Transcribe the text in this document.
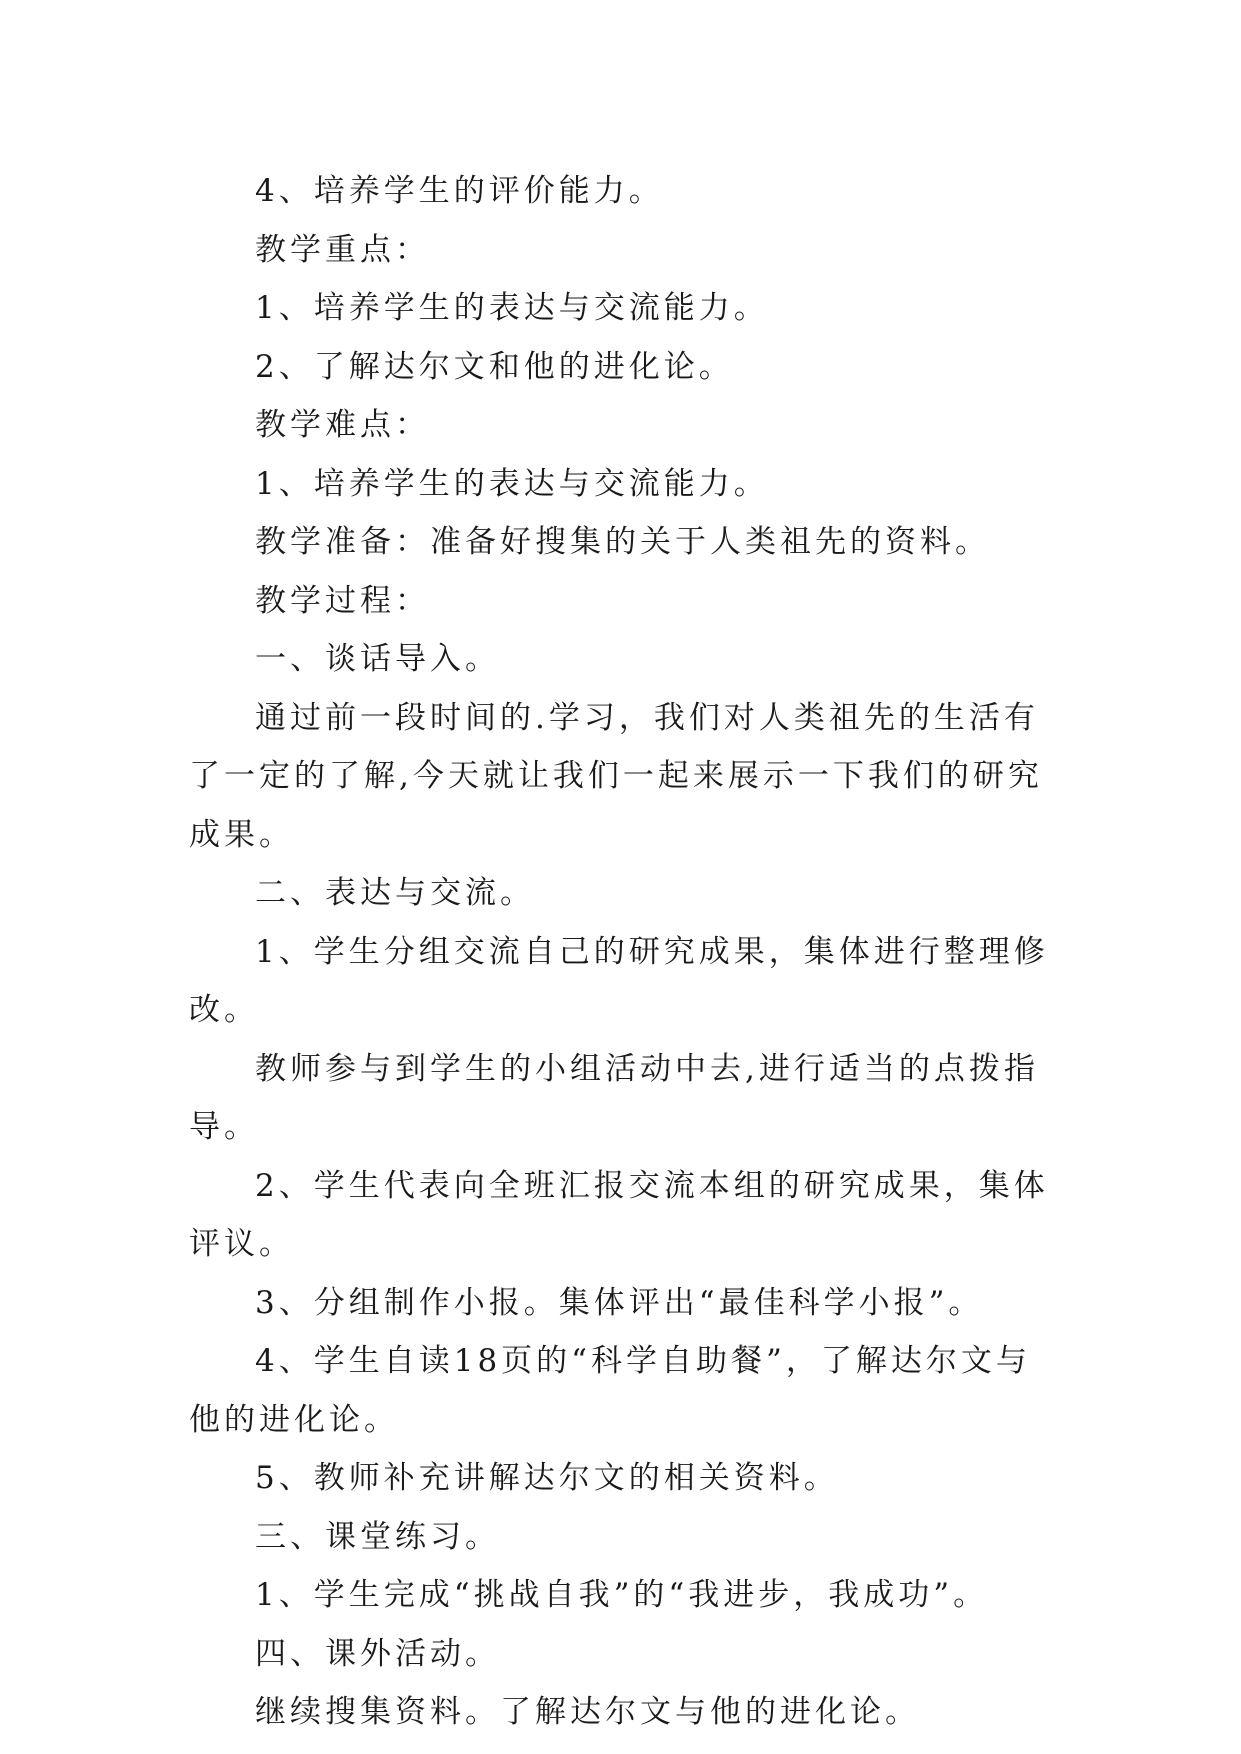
4、培养学生的评价能力。

教学重点：

1、培养学生的表达与交流能力。

2、了解达尔文和他的进化论。

教学难点：

1、培养学生的表达与交流能力。

教学准备：准备好搜集的关于人类祖先的资料。

教学过程：

一、谈话导入。

通过前一段时间的.学习，我们对人类祖先的生活有了一定的了解,今天就让我们一起来展示一下我们的研究成果。

二、表达与交流。

1、学生分组交流自己的研究成果，集体进行整理修改。

教师参与到学生的小组活动中去,进行适当的点拨指导。

2、学生代表向全班汇报交流本组的研究成果，集体评议。

3、分组制作小报。集体评出“最佳科学小报”。

4、学生自读18页的“科学自助餐”，了解达尔文与他的进化论。

5、教师补充讲解达尔文的相关资料。

三、课堂练习。

1、学生完成“挑战自我”的“我进步，我成功”。

四、课外活动。

继续搜集资料。了解达尔文与他的进化论。
